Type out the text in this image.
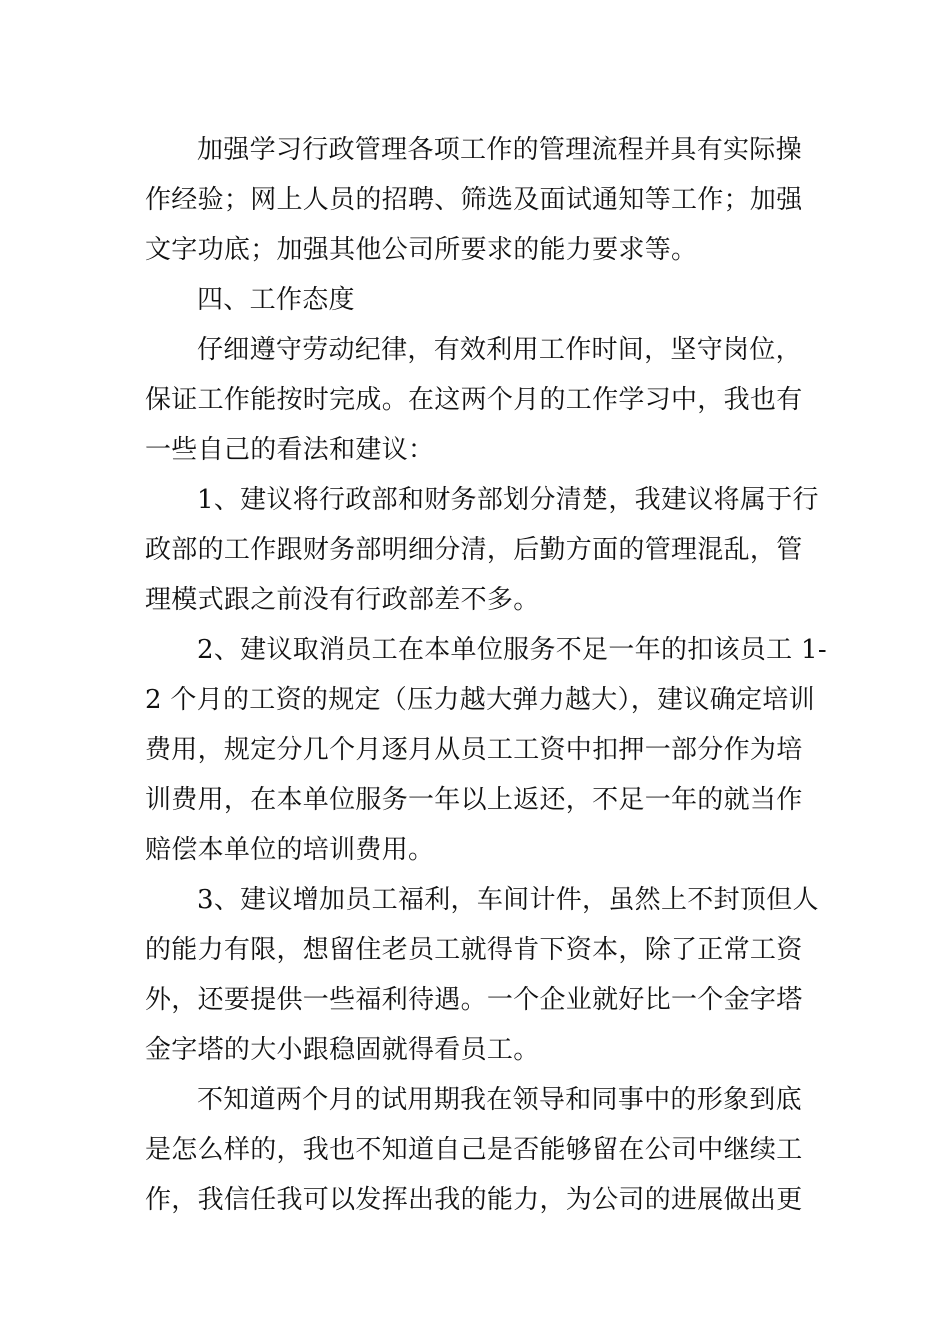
加强学习行政管理各项工作的管理流程并具有实际操
作经验；网上人员的招聘、筛选及面试通知等工作；加强
文字功底；加强其他公司所要求的能力要求等。
四、工作态度
仔细遵守劳动纪律，有效利用工作时间，坚守岗位，
保证工作能按时完成。在这两个月的工作学习中，我也有
一些自己的看法和建议：
1、建议将行政部和财务部划分清楚，我建议将属于行
政部的工作跟财务部明细分清，后勤方面的管理混乱，管
理模式跟之前没有行政部差不多。
2、建议取消员工在本单位服务不足一年的扣该员工 1-
2 个月的工资的规定（压力越大弹力越大），建议确定培训
费用，规定分几个月逐月从员工工资中扣押一部分作为培
训费用，在本单位服务一年以上返还，不足一年的就当作
赔偿本单位的培训费用。
3、建议增加员工福利，车间计件，虽然上不封顶但人
的能力有限，想留住老员工就得肯下资本，除了正常工资
外，还要提供一些福利待遇。一个企业就好比一个金字塔
金字塔的大小跟稳固就得看员工。
不知道两个月的试用期我在领导和同事中的形象到底
是怎么样的，我也不知道自己是否能够留在公司中继续工
作，我信任我可以发挥出我的能力，为公司的进展做出更
